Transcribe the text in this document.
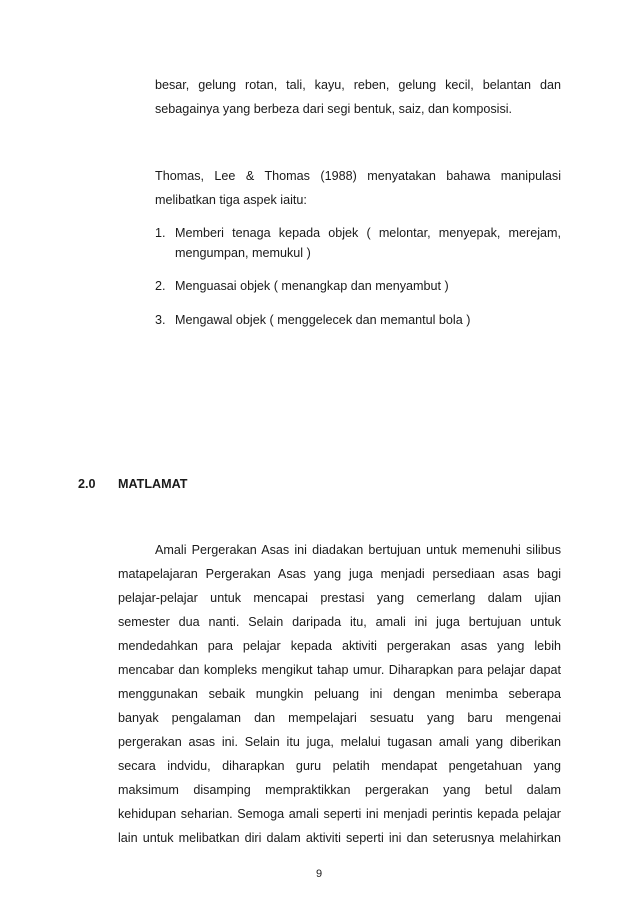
besar, gelung rotan, tali, kayu, reben, gelung kecil, belantan dan
sebagainya yang berbeza dari segi bentuk, saiz, dan komposisi.
Thomas, Lee & Thomas (1988) menyatakan bahawa manipulasi
melibatkan tiga aspek iaitu:
1. Memberi tenaga kepada objek ( melontar, menyepak, merejam,
mengumpan, memukul )
2. Menguasai objek ( menangkap dan menyambut )
3. Mengawal objek ( menggelecek dan memantul bola )
2.0 MATLAMAT
Amali Pergerakan Asas ini diadakan bertujuan untuk memenuhi silibus
matapelajaran Pergerakan Asas yang juga menjadi persediaan asas bagi
pelajar-pelajar untuk mencapai prestasi yang cemerlang dalam ujian
semester dua nanti. Selain daripada itu, amali ini juga bertujuan untuk
mendedahkan para pelajar kepada aktiviti pergerakan asas yang lebih
mencabar dan kompleks mengikut tahap umur. Diharapkan para pelajar dapat
menggunakan sebaik mungkin peluang ini dengan menimba seberapa
banyak pengalaman dan mempelajari sesuatu yang baru mengenai
pergerakan asas ini. Selain itu juga, melalui tugasan amali yang diberikan
secara indvidu, diharapkan guru pelatih mendapat pengetahuan yang
maksimum disamping mempraktikkan pergerakan yang betul dalam
kehidupan seharian. Semoga amali seperti ini menjadi perintis kepada pelajar
lain untuk melibatkan diri dalam aktiviti seperti ini dan seterusnya melahirkan
9
